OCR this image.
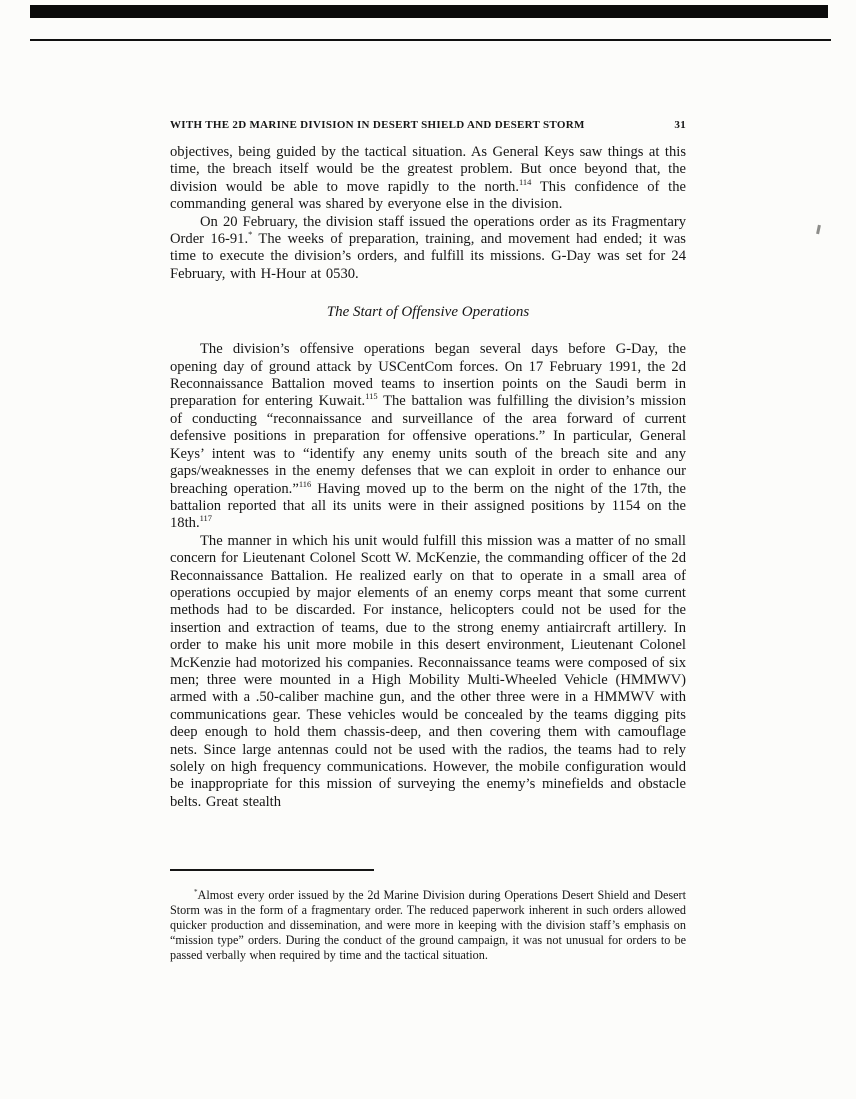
WITH THE 2D MARINE DIVISION IN DESERT SHIELD AND DESERT STORM	31

objectives, being guided by the tactical situation. As General Keys saw things at this time, the breach itself would be the greatest problem. But once beyond that, the division would be able to move rapidly to the north.$^{114}$ This confidence of the commanding general was shared by everyone else in the division.

On 20 February, the division staff issued the operations order as its Fragmentary Order 16-91.* The weeks of preparation, training, and movement had ended; it was time to execute the division’s orders, and fulfill its missions. G-Day was set for 24 February, with H-Hour at 0530.

The Start of Offensive Operations

The division’s offensive operations began several days before G-Day, the opening day of ground attack by USCentCom forces. On 17 February 1991, the 2d Reconnaissance Battalion moved teams to insertion points on the Saudi berm in preparation for entering Kuwait.$^{115}$ The battalion was fulfilling the division’s mission of conducting “reconnaissance and surveillance of the area forward of current defensive positions in preparation for offensive operations.” In particular, General Keys’ intent was to “identify any enemy units south of the breach site and any gaps/weaknesses in the enemy defenses that we can exploit in order to enhance our breaching operation.”$^{116}$ Having moved up to the berm on the night of the 17th, the battalion reported that all its units were in their assigned positions by 1154 on the 18th.$^{117}$

The manner in which his unit would fulfill this mission was a matter of no small concern for Lieutenant Colonel Scott W. McKenzie, the commanding officer of the 2d Reconnaissance Battalion. He realized early on that to operate in a small area of operations occupied by major elements of an enemy corps meant that some current methods had to be discarded. For instance, helicopters could not be used for the insertion and extraction of teams, due to the strong enemy antiaircraft artillery. In order to make his unit more mobile in this desert environment, Lieutenant Colonel McKenzie had motorized his companies. Reconnaissance teams were composed of six men; three were mounted in a High Mobility Multi-Wheeled Vehicle (HMMWV) armed with a .50-caliber machine gun, and the other three were in a HMMWV with communications gear. These vehicles would be concealed by the teams digging pits deep enough to hold them chassis-deep, and then covering them with camouflage nets. Since large antennas could not be used with the radios, the teams had to rely solely on high frequency communications. However, the mobile configuration would be inappropriate for this mission of surveying the enemy’s minefields and obstacle belts. Great stealth

*Almost every order issued by the 2d Marine Division during Operations Desert Shield and Desert Storm was in the form of a fragmentary order. The reduced paperwork inherent in such orders allowed quicker production and dissemination, and were more in keeping with the division staff’s emphasis on “mission type” orders. During the conduct of the ground campaign, it was not unusual for orders to be passed verbally when required by time and the tactical situation.
